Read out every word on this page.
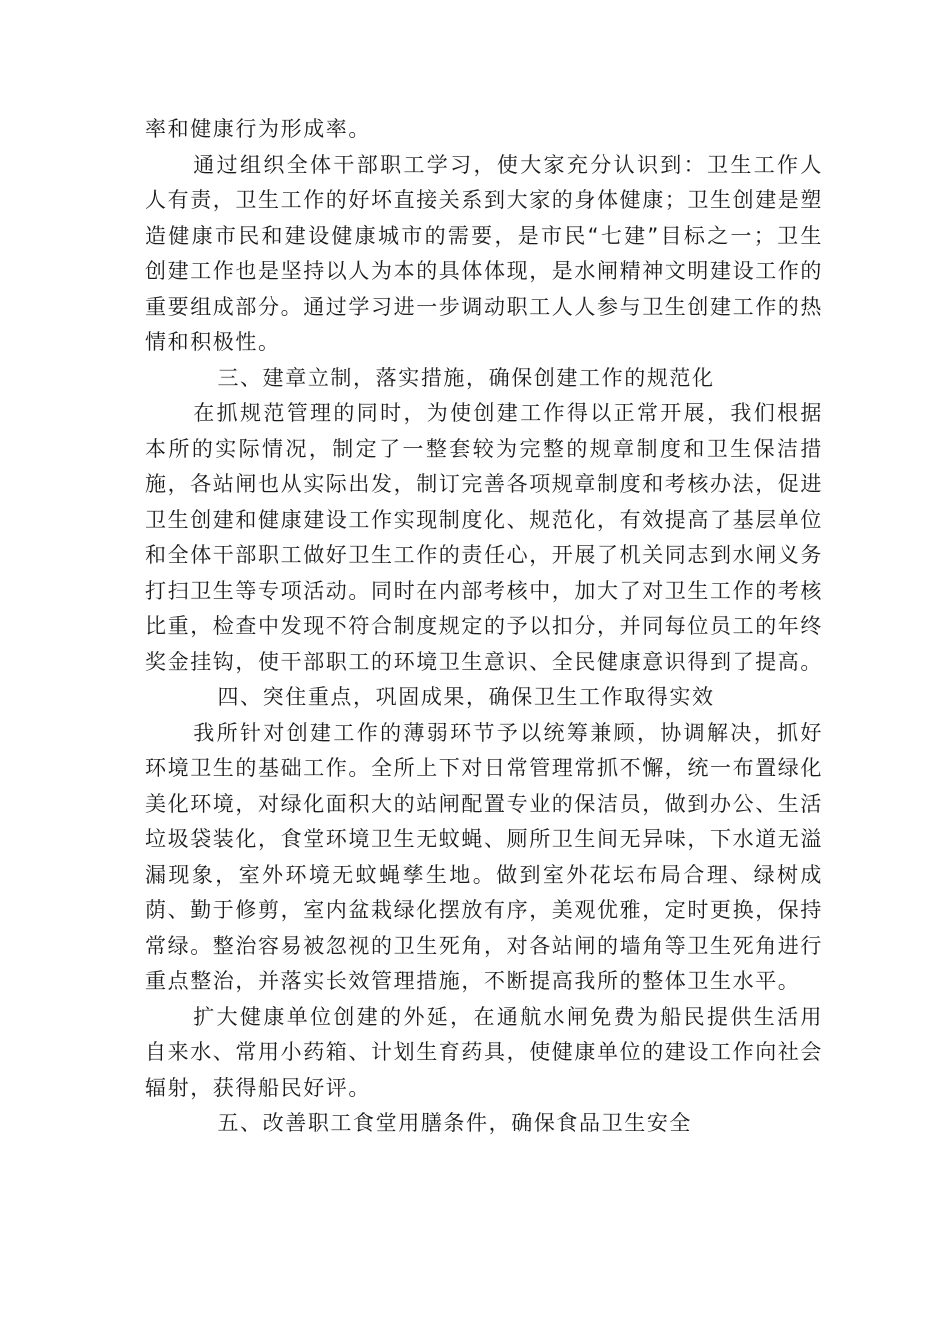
率和健康行为形成率。

通过组织全体干部职工学习，使大家充分认识到：卫生工作人人有责，卫生工作的好坏直接关系到大家的身体健康；卫生创建是塑造健康市民和建设健康城市的需要，是市民“七建”目标之一；卫生创建工作也是坚持以人为本的具体体现，是水闸精神文明建设工作的重要组成部分。通过学习进一步调动职工人人参与卫生创建工作的热情和积极性。

三、建章立制，落实措施，确保创建工作的规范化

在抓规范管理的同时，为使创建工作得以正常开展，我们根据本所的实际情况，制定了一整套较为完整的规章制度和卫生保洁措施，各站闸也从实际出发，制订完善各项规章制度和考核办法，促进卫生创建和健康建设工作实现制度化、规范化，有效提高了基层单位和全体干部职工做好卫生工作的责任心，开展了机关同志到水闸义务打扫卫生等专项活动。同时在内部考核中，加大了对卫生工作的考核比重，检查中发现不符合制度规定的予以扣分，并同每位员工的年终奖金挂钩，使干部职工的环境卫生意识、全民健康意识得到了提高。

四、突住重点，巩固成果，确保卫生工作取得实效

我所针对创建工作的薄弱环节予以统筹兼顾，协调解决，抓好环境卫生的基础工作。全所上下对日常管理常抓不懈，统一布置绿化美化环境，对绿化面积大的站闸配置专业的保洁员，做到办公、生活垃圾袋装化，食堂环境卫生无蚊蝇、厕所卫生间无异味，下水道无溢漏现象，室外环境无蚊蝇孳生地。做到室外花坛布局合理、绿树成荫、勤于修剪，室内盆栽绿化摆放有序，美观优雅，定时更换，保持常绿。整治容易被忽视的卫生死角，对各站闸的墙角等卫生死角进行重点整治，并落实长效管理措施，不断提高我所的整体卫生水平。

扩大健康单位创建的外延，在通航水闸免费为船民提供生活用自来水、常用小药箱、计划生育药具，使健康单位的建设工作向社会辐射，获得船民好评。

五、改善职工食堂用膳条件，确保食品卫生安全
